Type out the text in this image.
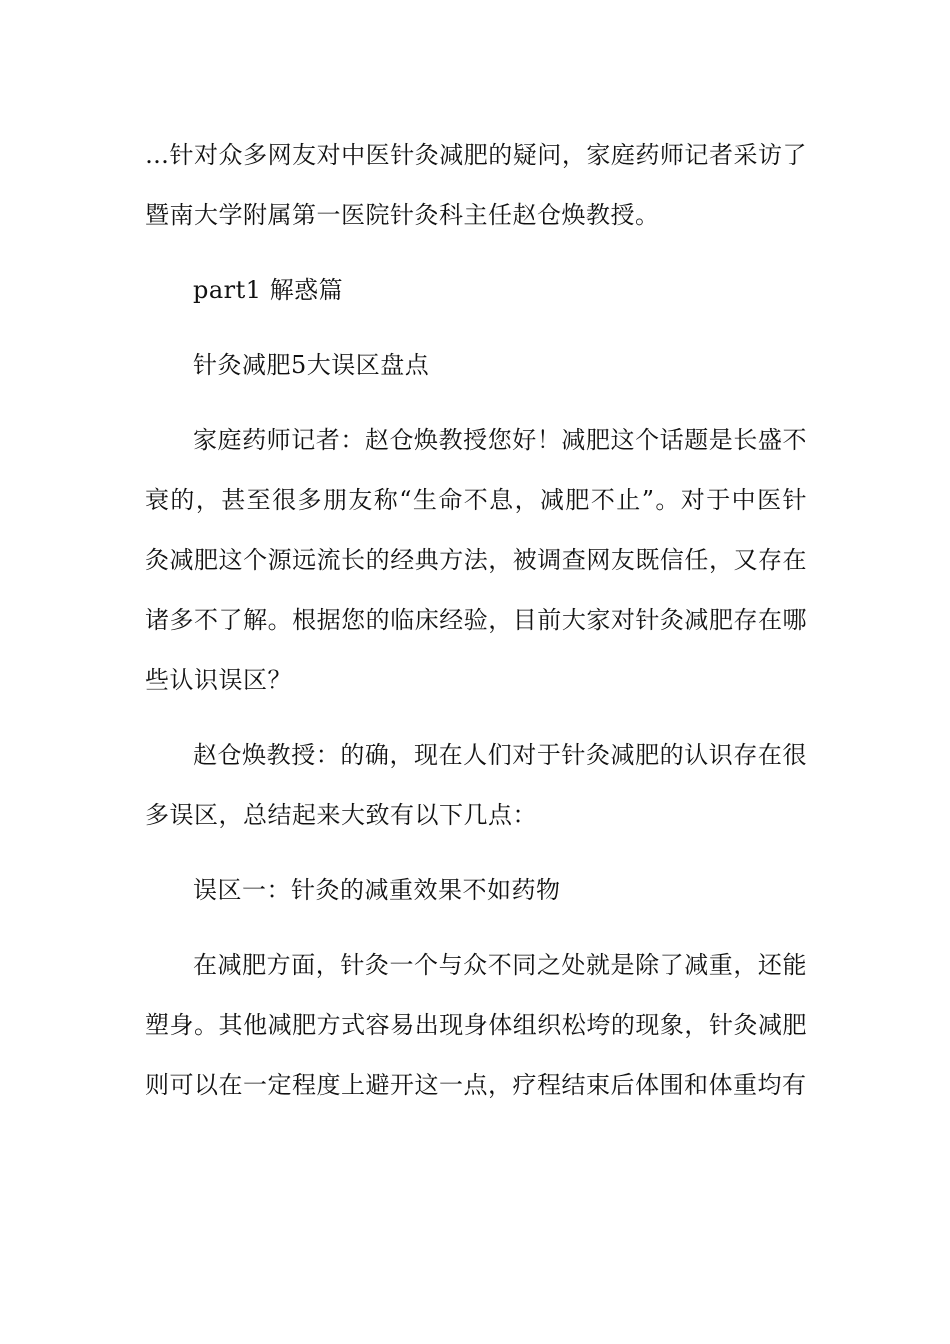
…针对众多网友对中医针灸减肥的疑问，家庭药师记者采访了暨南大学附属第一医院针灸科主任赵仓焕教授。

part1 解惑篇

针灸减肥5大误区盘点

家庭药师记者：赵仓焕教授您好！减肥这个话题是长盛不衰的，甚至很多朋友称“生命不息，减肥不止”。对于中医针灸减肥这个源远流长的经典方法，被调查网友既信任，又存在诸多不了解。根据您的临床经验，目前大家对针灸减肥存在哪些认识误区？

赵仓焕教授：的确，现在人们对于针灸减肥的认识存在很多误区，总结起来大致有以下几点：

误区一：针灸的减重效果不如药物

在减肥方面，针灸一个与众不同之处就是除了减重，还能塑身。其他减肥方式容易出现身体组织松垮的现象，针灸减肥则可以在一定程度上避开这一点，疗程结束后体围和体重均有
